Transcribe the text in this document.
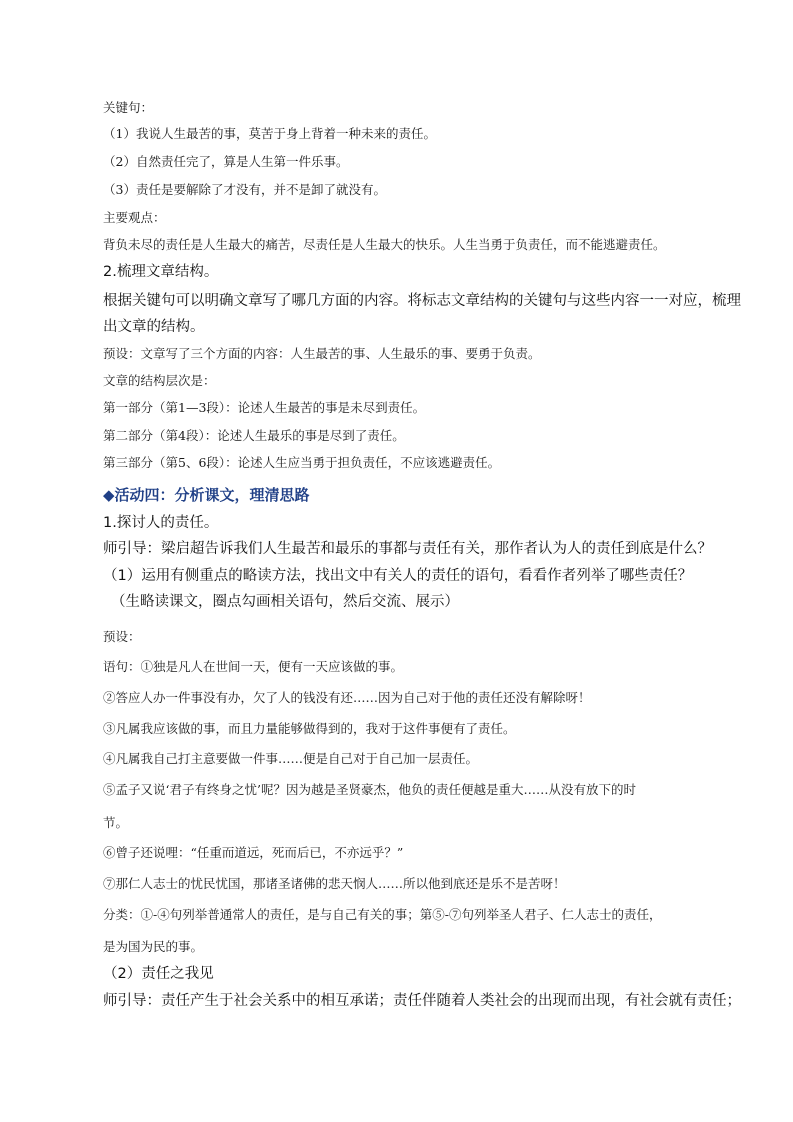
关键句：
（1）我说人生最苦的事，莫苦于身上背着一种未来的责任。
（2）自然责任完了，算是人生第一件乐事。
（3）责任是要解除了才没有，并不是卸了就没有。
主要观点：
背负未尽的责任是人生最大的痛苦，尽责任是人生最大的快乐。人生当勇于负责任，而不能逃避责任。
2.梳理文章结构。
根据关键句可以明确文章写了哪几方面的内容。将标志文章结构的关键句与这些内容一一对应，梳理
出文章的结构。
预设：文章写了三个方面的内容：人生最苦的事、人生最乐的事、要勇于负责。
文章的结构层次是：
第一部分（第1—3段）：论述人生最苦的事是未尽到责任。
第二部分（第4段）：论述人生最乐的事是尽到了责任。
第三部分（第5、6段）：论述人生应当勇于担负责任，不应该逃避责任。
1.探讨人的责任。
师引导：梁启超告诉我们人生最苦和最乐的事都与责任有关，那作者认为人的责任到底是什么？
（1）运用有侧重点的略读方法，找出文中有关人的责任的语句，看看作者列举了哪些责任？
（生略读课文，圈点勾画相关语句，然后交流、展示）
预设：
语句：①独是凡人在世间一天，便有一天应该做的事。
②答应人办一件事没有办，欠了人的钱没有还……因为自己对于他的责任还没有解除呀！
③凡属我应该做的事，而且力量能够做得到的，我对于这件事便有了责任。
④凡属我自己打主意要做一件事……便是自己对于自己加一层责任。
⑤孟子又说‘君子有终身之忧’呢？因为越是圣贤豪杰，他负的责任便越是重大……从没有放下的时
节。
⑥曾子还说哩：“任重而道远，死而后已，不亦远乎？”
⑦那仁人志士的忧民忧国，那诸圣诸佛的悲天悯人……所以他到底还是乐不是苦呀！
分类：①-④句列举普通常人的责任，是与自己有关的事；第⑤-⑦句列举圣人君子、仁人志士的责任，
是为国为民的事。
（2）责任之我见
师引导：责任产生于社会关系中的相互承诺；责任伴随着人类社会的出现而出现，有社会就有责任；
◆活动四：分析课文，理清思路
